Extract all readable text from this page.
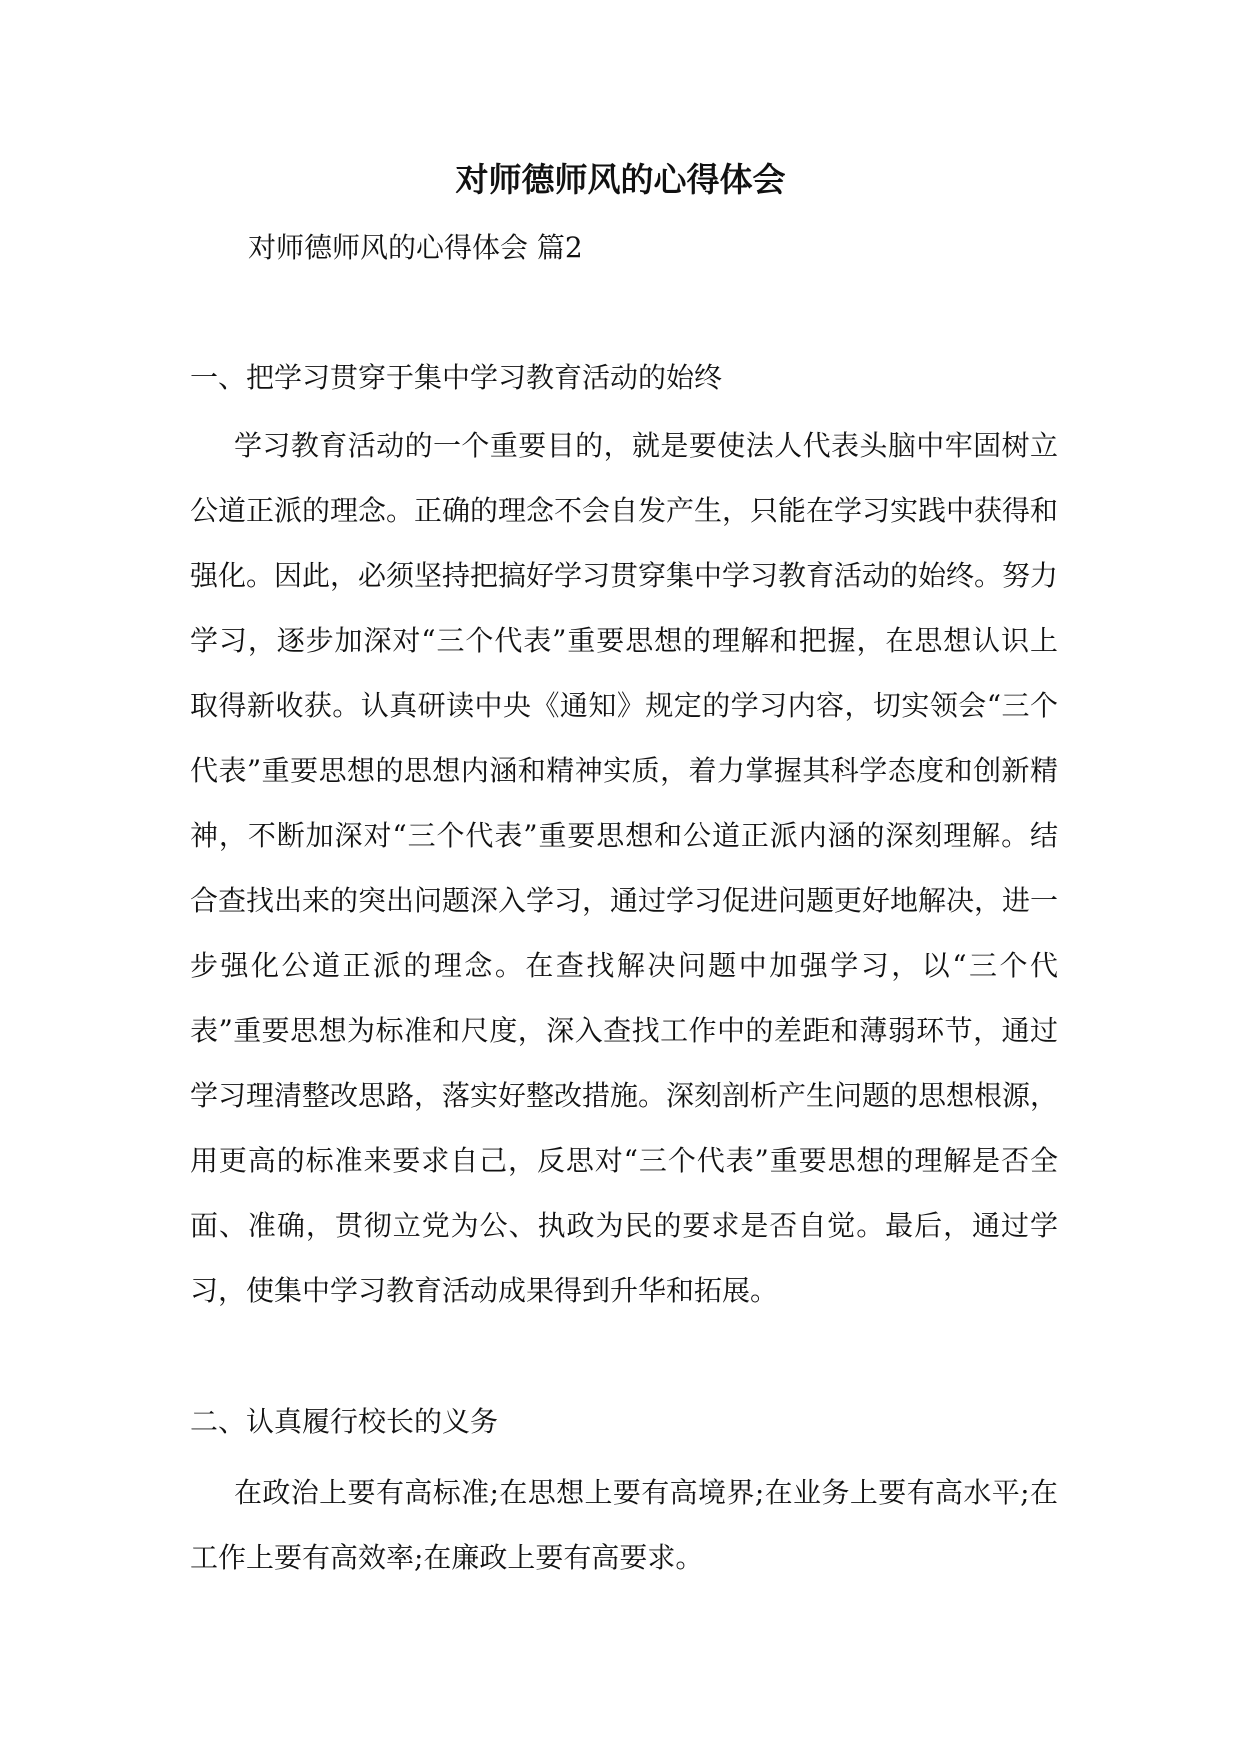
对师德师风的心得体会

对师德师风的心得体会 篇2

一、把学习贯穿于集中学习教育活动的始终

学习教育活动的一个重要目的，就是要使法人代表头脑中牢固树立公道正派的理念。正确的理念不会自发产生，只能在学习实践中获得和强化。因此，必须坚持把搞好学习贯穿集中学习教育活动的始终。努力学习，逐步加深对“三个代表”重要思想的理解和把握，在思想认识上取得新收获。认真研读中央《通知》规定的学习内容，切实领会“三个代表”重要思想的思想内涵和精神实质，着力掌握其科学态度和创新精神，不断加深对“三个代表”重要思想和公道正派内涵的深刻理解。结合查找出来的突出问题深入学习，通过学习促进问题更好地解决，进一步强化公道正派的理念。在查找解决问题中加强学习，以“三个代表”重要思想为标准和尺度，深入查找工作中的差距和薄弱环节，通过学习理清整改思路，落实好整改措施。深刻剖析产生问题的思想根源，用更高的标准来要求自己，反思对“三个代表”重要思想的理解是否全面、准确，贯彻立党为公、执政为民的要求是否自觉。最后，通过学习，使集中学习教育活动成果得到升华和拓展。

二、认真履行校长的义务

在政治上要有高标准;在思想上要有高境界;在业务上要有高水平;在工作上要有高效率;在廉政上要有高要求。
